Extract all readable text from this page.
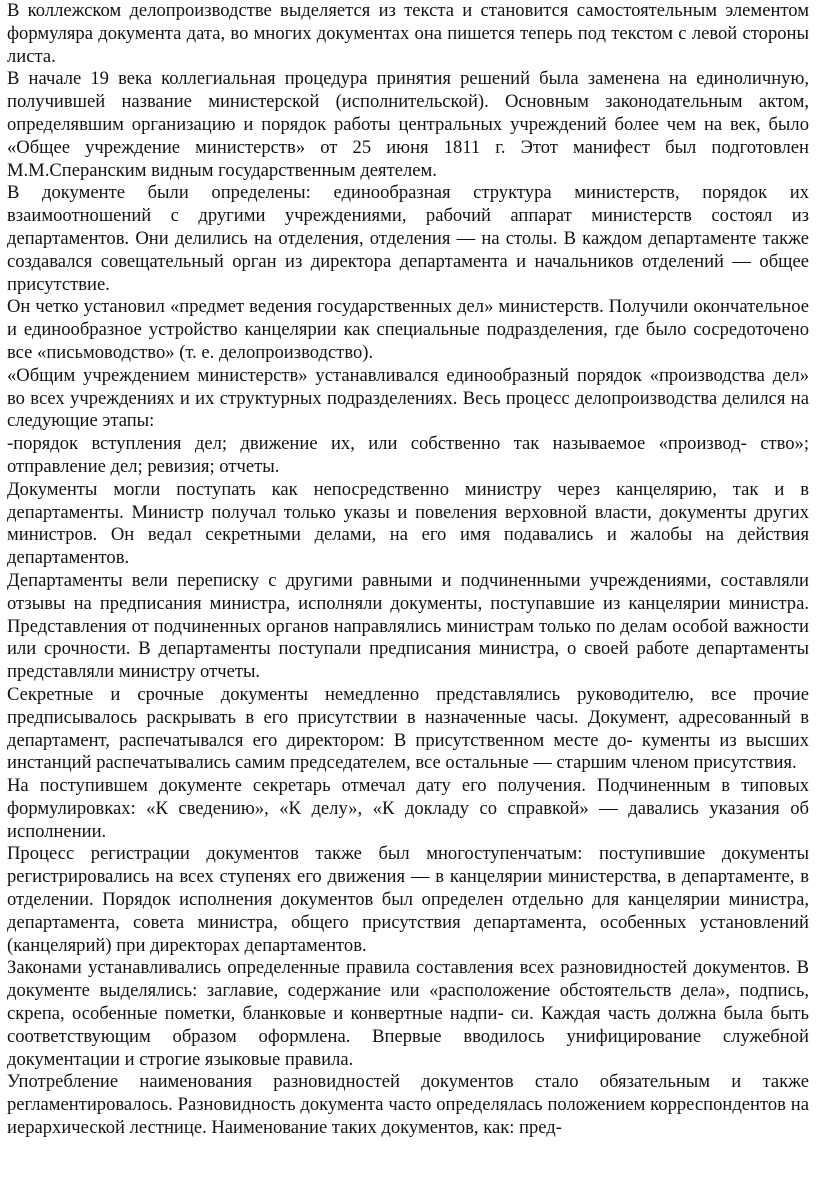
В коллежском делопроизводстве выделяется из текста и становится самостоятельным элементом формуляра документа дата, во многих документах она пишется теперь под текстом с левой стороны листа.

В начале 19 века коллегиальная процедура принятия решений была заменена на единоличную, получившей название министерской (исполнительской). Основным законодательным актом, определявшим организацию и порядок работы центральных учреждений более чем на век, было «Общее учреждение министерств» от 25 июня 1811 г. Этот манифест был подготовлен М.М.Сперанским видным государственным деятелем.

В документе были определены: единообразная структура министерств, порядок их взаимоотношений с другими учреждениями, рабочий аппарат министерств состоял из департаментов. Они делились на отделения, отделения — на столы. В каждом департаменте также создавался совещательный орган из директора департамента и начальников отделений — общее присутствие.

Он четко установил «предмет ведения государственных дел» министерств. Получили окончательное и единообразное устройство канцелярии как специальные подразделения, где было сосредоточено все «письмоводство» (т. е. делопроизводство).

«Общим учреждением министерств» устанавливался единообразный порядок «производства дел» во всех учреждениях и их структурных подразделениях. Весь процесс делопроизводства делился на следующие этапы:

-порядок вступления дел; движение их, или собственно так называемое «производ- ство»; отправление дел; ревизия; отчеты.

Документы могли поступать как непосредственно министру через канцелярию, так и в департаменты. Министр получал только указы и повеления верховной власти, документы других министров. Он ведал секретными делами, на его имя подавались и жалобы на действия департаментов.

Департаменты вели переписку с другими равными и подчиненными учреждениями, составляли отзывы на предписания министра, исполняли документы, поступавшие из канцелярии министра. Представления от подчиненных органов направлялись министрам только по делам особой важности или срочности. В департаменты поступали предписания министра, о своей работе департаменты представляли министру отчеты.

Секретные и срочные документы немедленно представлялись руководителю, все прочие предписывалось раскрывать в его присутствии в назначенные часы. Документ, адресованный в департамент, распечатывался его директором: В присутственном месте до- кументы из высших инстанций распечатывались самим председателем, все остальные — старшим членом присутствия.

На поступившем документе секретарь отмечал дату его получения. Подчиненным в типовых формулировках: «К сведению», «К делу», «К докладу со справкой» — давались указания об исполнении.

Процесс регистрации документов также был многоступенчатым: поступившие документы регистрировались на всех ступенях его движения — в канцелярии министерства, в департаменте, в отделении. Порядок исполнения документов был определен отдельно для канцелярии министра, департамента, совета министра, общего присутствия департамента, особенных установлений (канцелярий) при директорах департаментов.

Законами устанавливались определенные правила составления всех разновидностей документов. В документе выделялись: заглавие, содержание или «расположение обстоятельств дела», подпись, скрепа, особенные пометки, бланковые и конвертные надпи- си. Каждая часть должна была быть соответствующим образом оформлена. Впервые вводилось унифицирование служебной документации и строгие языковые правила.

Употребление наименования разновидностей документов стало обязательным и также регламентировалось. Разновидность документа часто определялась положением корреспондентов на иерархической лестнице. Наименование таких документов, как: пред-
